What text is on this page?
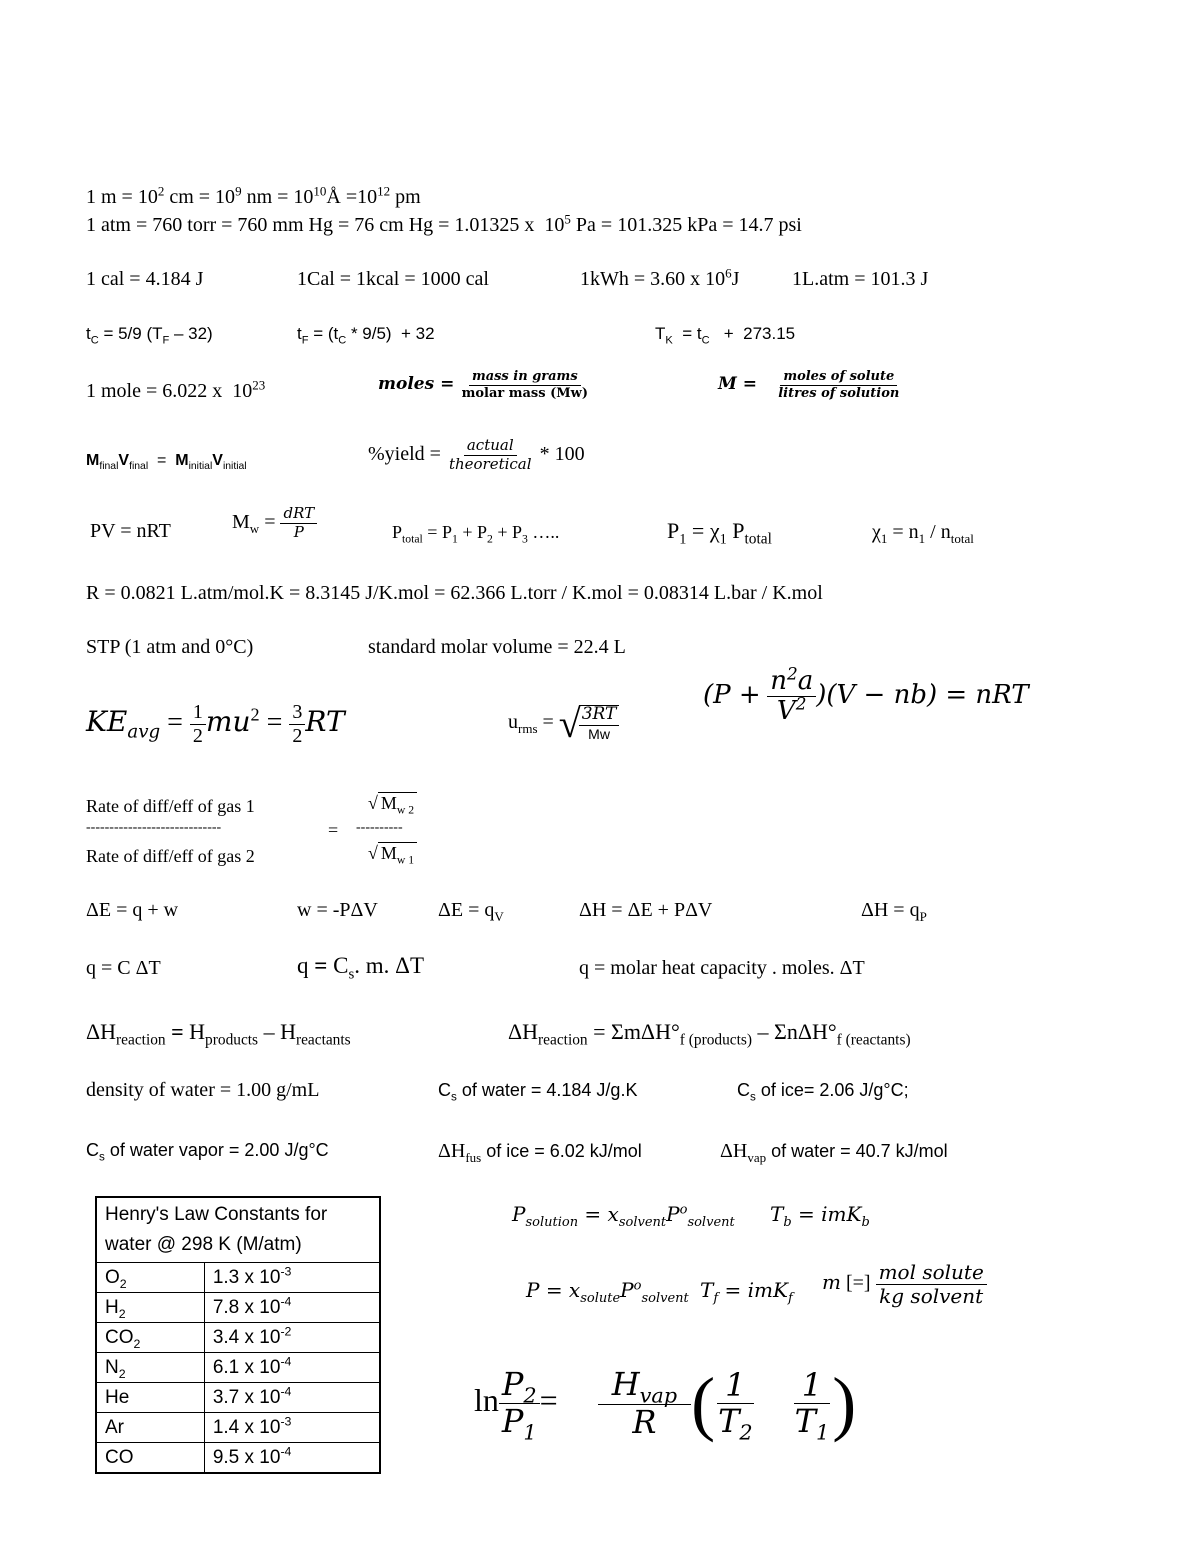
1 $m = 10^2$ cm = $10^9$ nm = $10^{10}Å =10^{12}$ pm
1 atm = 760 torr = 760 mm Hg = 76 cm Hg = 1.01325 x  $10^5$ Pa = 101.325 kPa = 14.7 psi
1 cal = 4.184 J	1Cal = 1kcal = 1000 cal	1kWh = 3.60 x $10^6J$	1L.atm = 101.3 J
$t_C = 5/9$ $(T_F - 32)$	$t_F = (t_C * 9/5) + 32$	$T_K = t_C + 273.15$
1 mole = 6.022 x  $10^{23}$	moles = $\frac{\text{mass in grams}}{\text{molar mass (Mw)}}$	$M = \frac{\text{moles of solute}}{\text{litres of solution}}$
$M_{final}V_{final} = M_{initial}V_{initial}$
%yield = $\frac{\text{actual}}{\text{theoretical}} * 100$
PV = nRT	$M_w = \frac{\text{dRT}}{P}$	$P_{total} = P_1 + P_2 + P_3$ …..	$P_1 = \chi_1$ $P_{total}$	$\chi_1 = n_1 / n_{total}$
R = 0.0821 L.atm/mol.K = 8.3145 J/K.mol = 62.366 L.torr / K.mol = 0.08314 L.bar / K.mol
STP (1 atm and 0°C)	standard molar volume = 22.4 L
$KE_{avg} = \frac{1}{2} mu^2 = \frac{3}{2}$ RT	$u_{rms}$ = √
$\frac{3RT}{Mw}$
$(P + \frac{n^2a}{V^2} )(V - nb)$ = nRT
Rate of diff/eff of gas 1	√ $M_{w 2}$
-----------------------------	= ----------
Rate of diff/eff of gas 2	√ $M_{w 1}$
ΔE = q + w	w = -PΔV	$\Delta E = q_V$	ΔH = ΔE + PΔV	$\Delta H = q_P$
q = C ΔT	$q = C_s$. m. ΔT	q = molar heat capacity . moles. ΔT
$\Delta H_{reaction} = H_{products} - H_{reactants}$	$\Delta H_{reaction} = \Sigma m\Delta H^\circ_{f (products)} - \Sigma n\Delta H^\circ_{f (reactants)}$
density of water = 1.00 g/mL	$C_s$ of water = 4.184 J/g.K	$C_s$ of ice= 2.06 J/g°C;
$C_s$ of water vapor = 2.00 J/g°C	$\Delta H_{fus}$ of ice = 6.02 kJ/mol	$\Delta H_{vap}$ of water = 40.7 kJ/mol
Henry's Law Constants for water @ 298 K (M/atm)	
$O_2$	1.3 x $10^{-3}$
$H_2$	7.8 x $10^{-4}$
$CO_2$	3.4 x $10^{-2}$
$N_2$	6.1 x $10^{-4}$
He	3.7 x $10^{-4}$
Ar	1.4 x $10^{-3}$
CO	9.5 x $10^{-4}$
$P_{solution} = x_{solvent}P^o_{solvent}$ $T_b = imK_b$
$P = x_{solute}P^o_{solvent}$ $T_f = imK_f$
m [=] $\frac{\text{mol solute}}{\text{kg solvent}}$
$\ln \frac{P_2}{P_1} = \frac{H_{vap}}{R}$ ( $\frac{1}{T_2}$
$\frac{1}{T_1}$ )
